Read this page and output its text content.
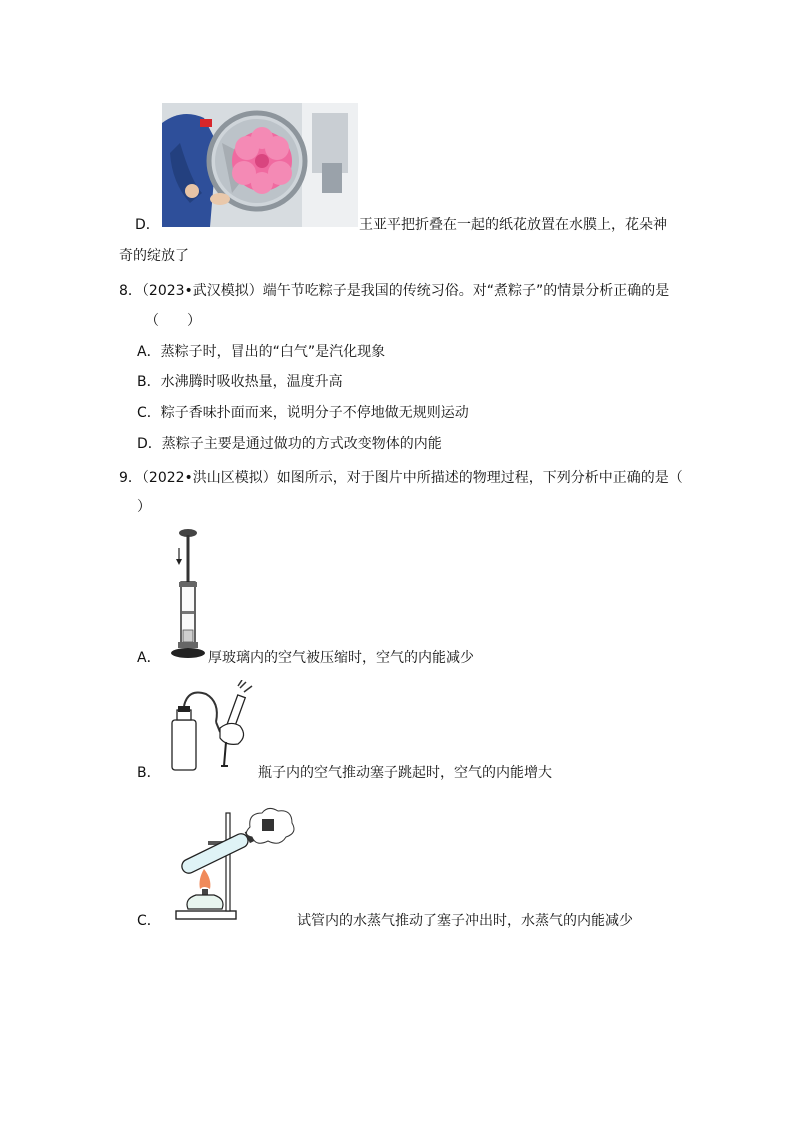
D．	王亚平把折叠在一起的纸花放置在水膜上，花朵神
奇的绽放了
8．（2023•武汉模拟）端午节吃粽子是我国的传统习俗。对“煮粽子”的情景分析正确的是
（　　）
A．蒸粽子时，冒出的“白气”是汽化现象
B．水沸腾时吸收热量，温度升高
C．粽子香味扑面而来，说明分子不停地做无规则运动
D．蒸粽子主要是通过做功的方式改变物体的内能
9．（2022•洪山区模拟）如图所示，对于图片中所描述的物理过程，下列分析中正确的是（
）
A．	厚玻璃内的空气被压缩时，空气的内能减少
B．	瓶子内的空气推动塞子跳起时，空气的内能增大
C．	试管内的水蒸气推动了塞子冲出时，水蒸气的内能减少
